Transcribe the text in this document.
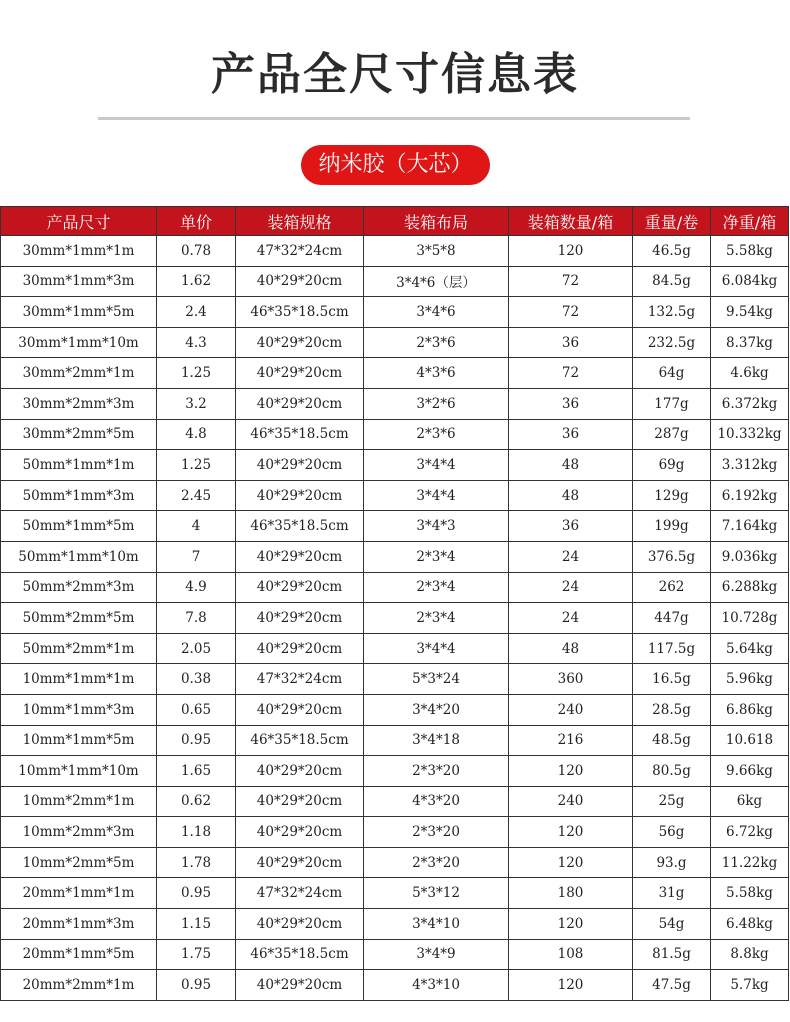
产品全尺寸信息表
纳米胶（大芯）
产品尺寸	单价	装箱规格	装箱布局	装箱数量/箱	重量/卷	净重/箱
30mm*1mm*1m	0.78	47*32*24cm	3*5*8	120	46.5g	5.58kg
30mm*1mm*3m	1.62	40*29*20cm	3*4*6（层）	72	84.5g	6.084kg
30mm*1mm*5m	2.4	46*35*18.5cm	3*4*6	72	132.5g	9.54kg
30mm*1mm*10m	4.3	40*29*20cm	2*3*6	36	232.5g	8.37kg
30mm*2mm*1m	1.25	40*29*20cm	4*3*6	72	64g	4.6kg
30mm*2mm*3m	3.2	40*29*20cm	3*2*6	36	177g	6.372kg
30mm*2mm*5m	4.8	46*35*18.5cm	2*3*6	36	287g	10.332kg
50mm*1mm*1m	1.25	40*29*20cm	3*4*4	48	69g	3.312kg
50mm*1mm*3m	2.45	40*29*20cm	3*4*4	48	129g	6.192kg
50mm*1mm*5m	4	46*35*18.5cm	3*4*3	36	199g	7.164kg
50mm*1mm*10m	7	40*29*20cm	2*3*4	24	376.5g	9.036kg
50mm*2mm*3m	4.9	40*29*20cm	2*3*4	24	262	6.288kg
50mm*2mm*5m	7.8	40*29*20cm	2*3*4	24	447g	10.728g
50mm*2mm*1m	2.05	40*29*20cm	3*4*4	48	117.5g	5.64kg
10mm*1mm*1m	0.38	47*32*24cm	5*3*24	360	16.5g	5.96kg
10mm*1mm*3m	0.65	40*29*20cm	3*4*20	240	28.5g	6.86kg
10mm*1mm*5m	0.95	46*35*18.5cm	3*4*18	216	48.5g	10.618
10mm*1mm*10m	1.65	40*29*20cm	2*3*20	120	80.5g	9.66kg
10mm*2mm*1m	0.62	40*29*20cm	4*3*20	240	25g	6kg
10mm*2mm*3m	1.18	40*29*20cm	2*3*20	120	56g	6.72kg
10mm*2mm*5m	1.78	40*29*20cm	2*3*20	120	93.g	11.22kg
20mm*1mm*1m	0.95	47*32*24cm	5*3*12	180	31g	5.58kg
20mm*1mm*3m	1.15	40*29*20cm	3*4*10	120	54g	6.48kg
20mm*1mm*5m	1.75	46*35*18.5cm	3*4*9	108	81.5g	8.8kg
20mm*2mm*1m	0.95	40*29*20cm	4*3*10	120	47.5g	5.7kg
